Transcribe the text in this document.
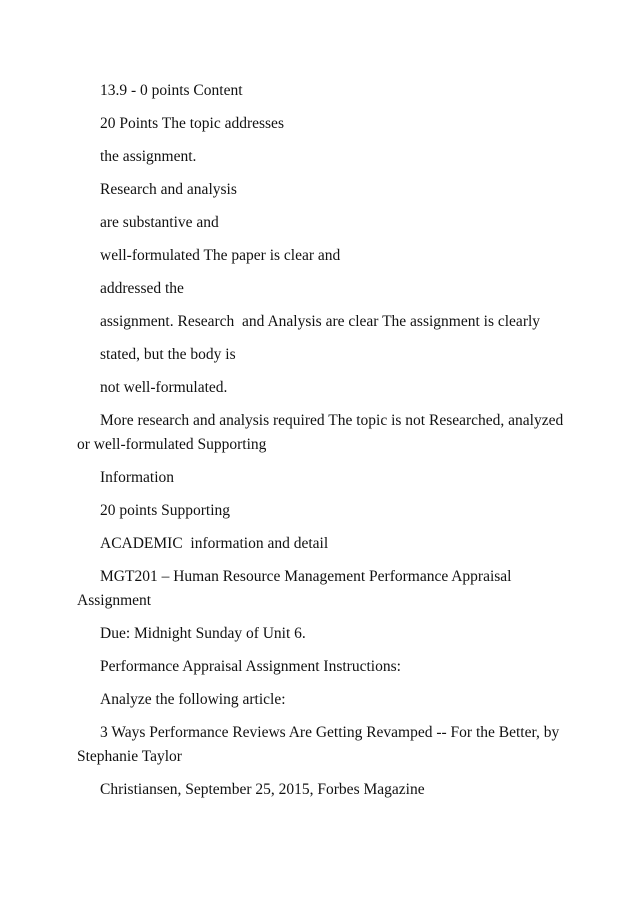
13.9 - 0 points Content

20 Points The topic addresses

the assignment.

Research and analysis

are substantive and

well-formulated The paper is clear and

addressed the

assignment. Research  and Analysis are clear The assignment is clearly

stated, but the body is

not well-formulated.

More research and analysis required The topic is not Researched, analyzed or well-formulated Supporting

Information

20 points Supporting

ACADEMIC  information and detail

MGT201 – Human Resource Management Performance Appraisal Assignment

Due: Midnight Sunday of Unit 6.

Performance Appraisal Assignment Instructions:

Analyze the following article:

3 Ways Performance Reviews Are Getting Revamped -- For the Better, by Stephanie Taylor

Christiansen, September 25, 2015, Forbes Magazine
